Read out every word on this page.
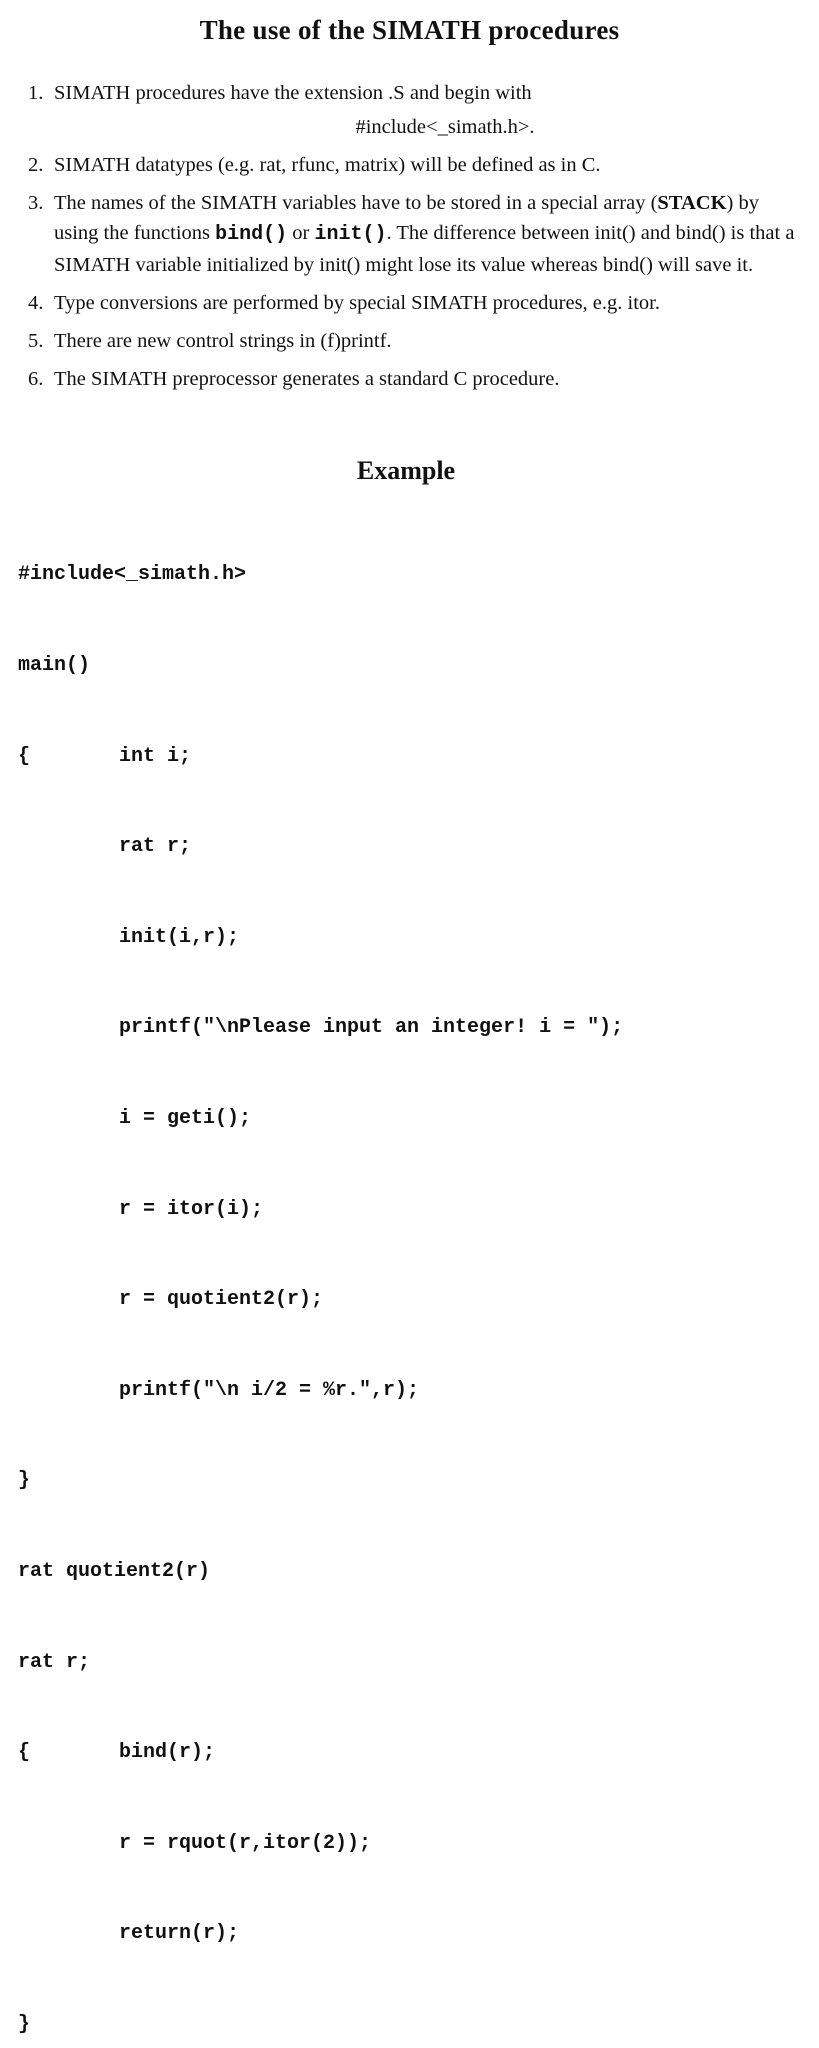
The use of the SIMATH procedures
1. SIMATH procedures have the extension .S and begin with
#include<_simath.h>.
2. SIMATH datatypes (e.g. rat, rfunc, matrix) will be defined as in C.
3. The names of the SIMATH variables have to be stored in a special array (STACK) by using the functions bind() or init(). The difference between init() and bind() is that a SIMATH variable initialized by init() might lose its value whereas bind() will save it.
4. Type conversions are performed by special SIMATH procedures, e.g. itor.
5. There are new control strings in (f)printf.
6. The SIMATH preprocessor generates a standard C procedure.
Example

#include<_simath.h>

main()

{	int i;

rat r;

init(i,r);

printf("\nPlease input an integer! i = ");

i = geti();

r = itor(i);

r = quotient2(r);

printf("\n i/2 = %r.",r);

}

rat quotient2(r)

rat r;

{	bind(r);

r = rquot(r,itor(2));

return(r);

}
